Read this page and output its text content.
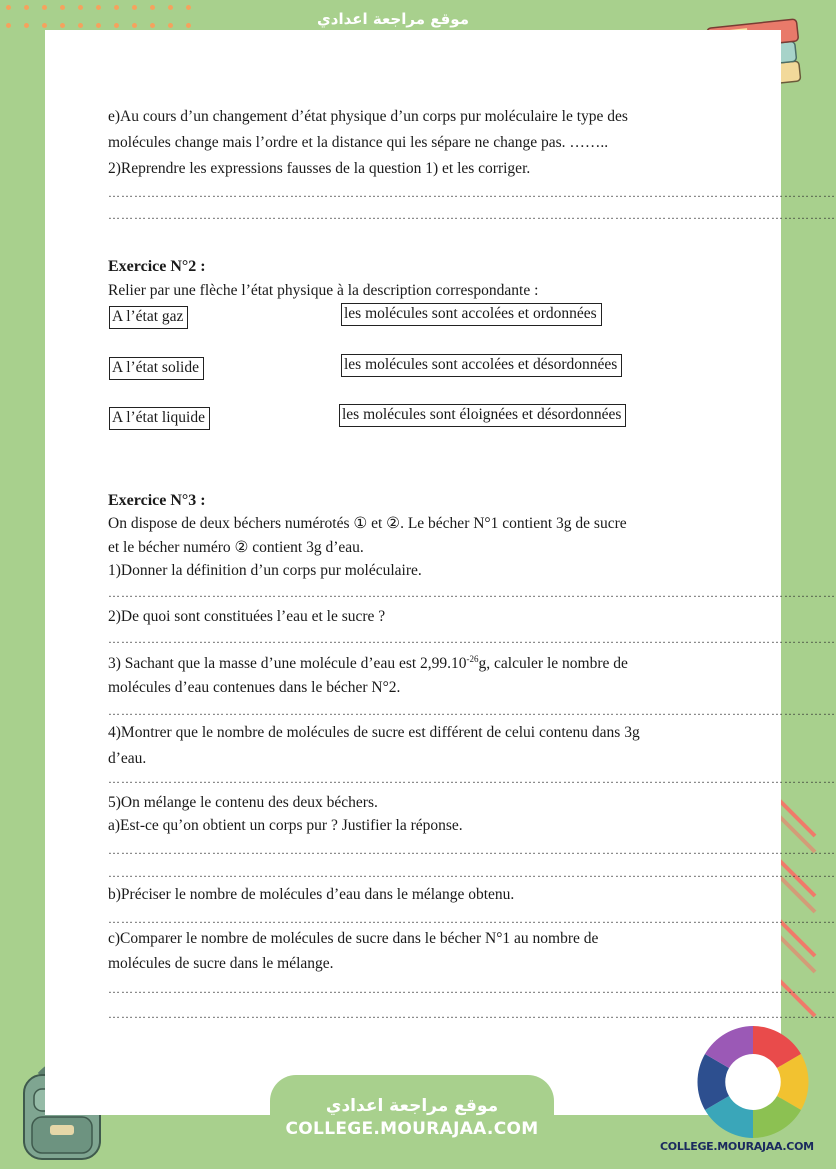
موقع مراجعة اعدادي
e)Au cours d’un changement d’état physique d’un corps pur moléculaire le type des
molécules change mais l’ordre et la distance qui les sépare ne change pas. ……..
2)Reprendre les expressions fausses de la question 1) et les corriger.
……………………………………………………………………………………………………………………………………………………
……………………………………………………………………………………………………………………………………………………
Exercice N°2 :
Relier par une flèche l’état physique à la description correspondante :
A l’état gaz
A l’état solide
A l’état liquide
les molécules sont accolées et ordonnées
les molécules sont accolées et désordonnées
les molécules sont éloignées et désordonnées
Exercice N°3 :
On dispose de deux béchers numérotés ① et ②. Le bécher N°1 contient 3g de sucre
et le bécher numéro ② contient 3g d’eau.
1)Donner la définition d’un corps pur moléculaire.
……………………………………………………………………………………………………………………………………………………
2)De quoi sont constituées l’eau et le sucre ?
……………………………………………………………………………………………………………………………………………………
3) Sachant que la masse d’une molécule d’eau est $2,99.10^{-26}g$, calculer le nombre de
molécules d’eau contenues dans le bécher N°2.
……………………………………………………………………………………………………………………………………………………
4)Montrer que le nombre de molécules de sucre est différent de celui contenu dans 3g
d’eau.
……………………………………………………………………………………………………………………………………………………
5)On mélange le contenu des deux béchers.
a)Est-ce qu’on obtient un corps pur ? Justifier la réponse.
……………………………………………………………………………………………………………………………………………………
……………………………………………………………………………………………………………………………………………………
b)Préciser le nombre de molécules d’eau dans le mélange obtenu.
……………………………………………………………………………………………………………………………………………………
c)Comparer le nombre de molécules de sucre dans le bécher N°1 au nombre de
molécules de sucre dans le mélange.
……………………………………………………………………………………………………………………………………………………
……………………………………………………………………………………………………………………………………………………
موقع مراجعة اعدادي
COLLEGE.MOURAJAA.COM
COLLEGE.MOURAJAA.COM
